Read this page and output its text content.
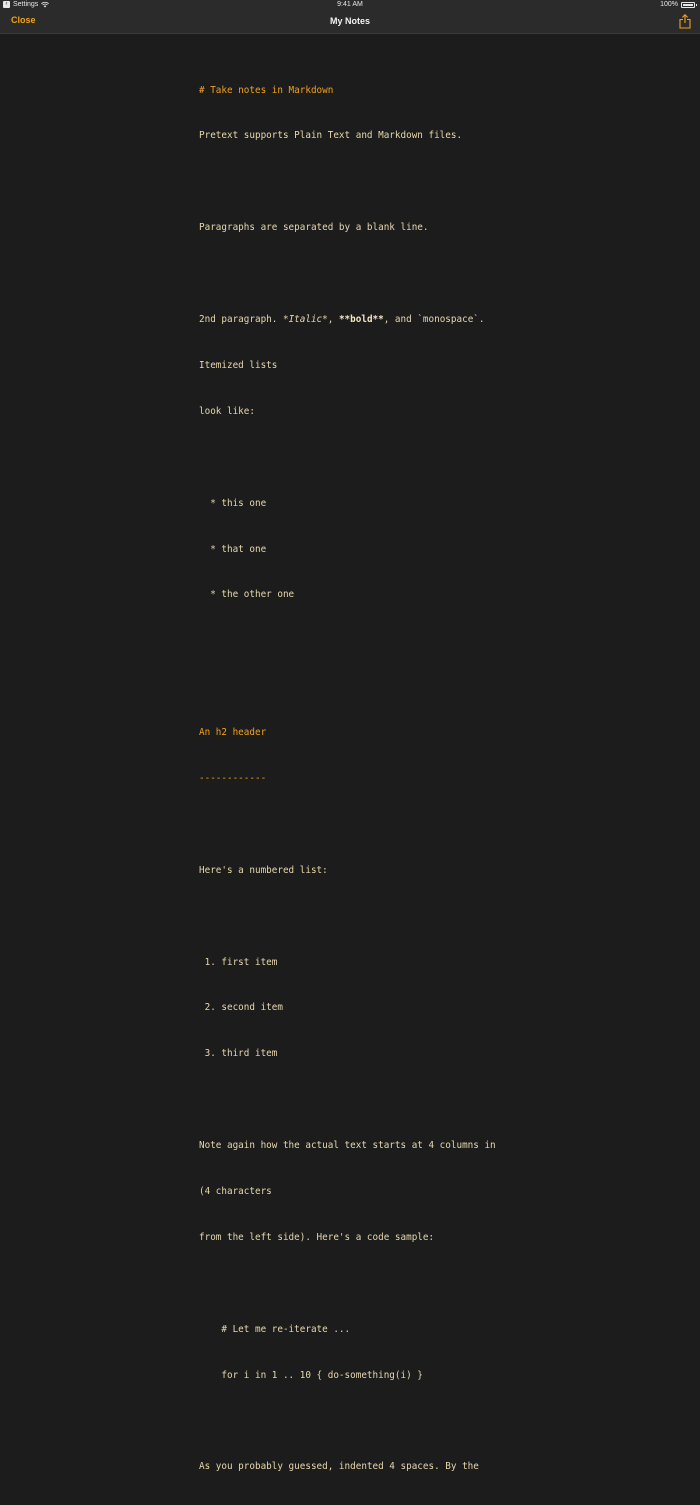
‹ Settings	9:41 AM	100%
Close	My Notes

# Take notes in Markdown

Pretext supports Plain Text and Markdown files.

Paragraphs are separated by a blank line.

2nd paragraph. *Italic*, **bold**, and `monospace`.

Itemized lists

look like:

* this one

* that one

* the other one

An h2 header

------------

Here's a numbered list:

1. first item

2. second item

3. third item

Note again how the actual text starts at 4 columns in

(4 characters

from the left side). Here's a code sample:

# Let me re-iterate ...

for i in 1 .. 10 { do-something(i) }

As you probably guessed, indented 4 spaces. By the
